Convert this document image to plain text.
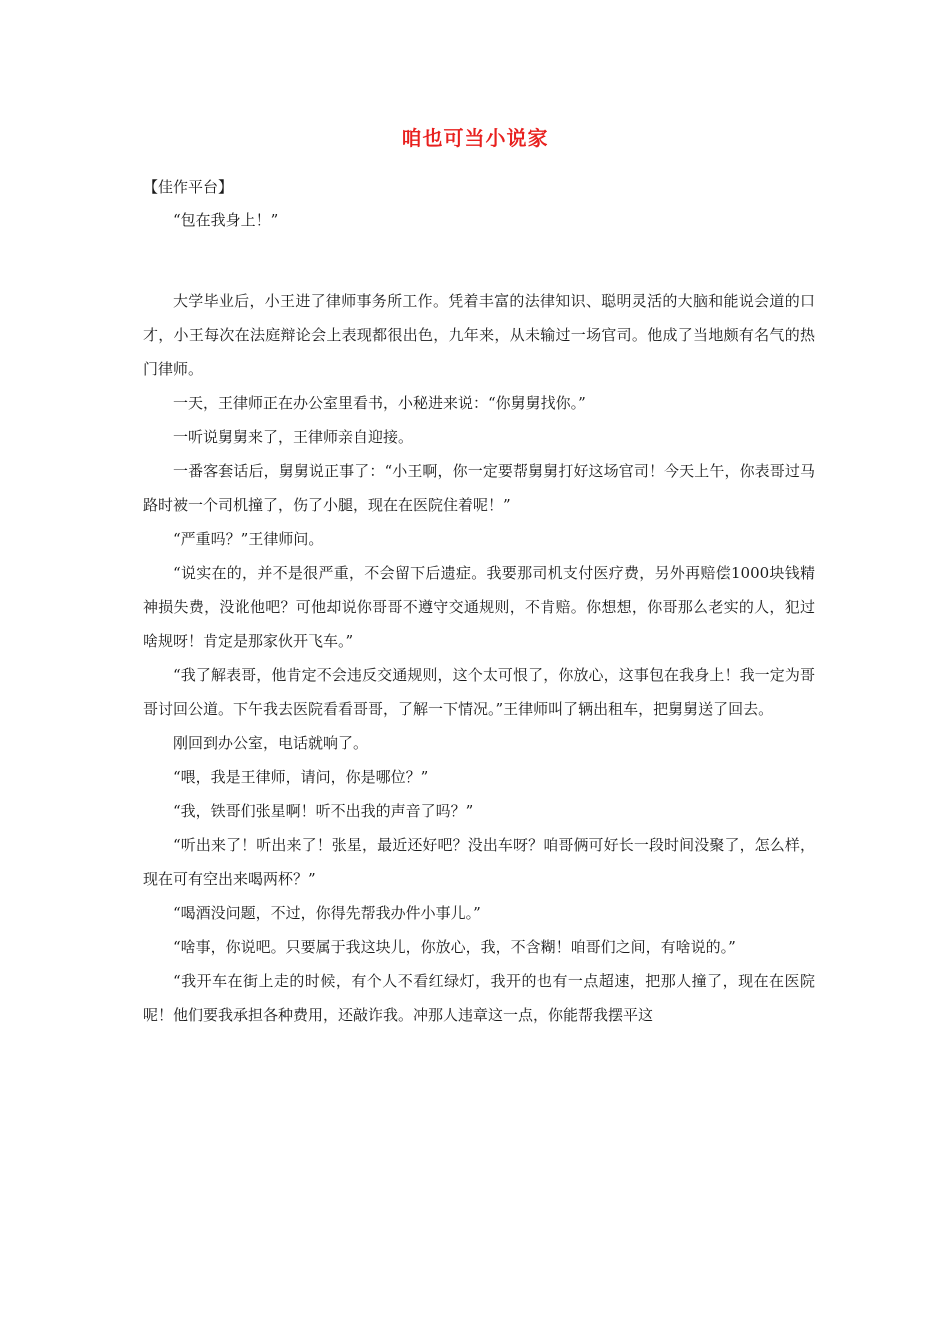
咱也可当小说家
【佳作平台】

“包在我身上！”

大学毕业后，小王进了律师事务所工作。凭着丰富的法律知识、聪明灵活的大脑和能说会道的口才，小王每次在法庭辩论会上表现都很出色，九年来，从未输过一场官司。他成了当地颇有名气的热门律师。

一天，王律师正在办公室里看书，小秘进来说：“你舅舅找你。”

一听说舅舅来了，王律师亲自迎接。

一番客套话后，舅舅说正事了：“小王啊，你一定要帮舅舅打好这场官司！今天上午，你表哥过马路时被一个司机撞了，伤了小腿，现在在医院住着呢！”

“严重吗？”王律师问。

“说实在的，并不是很严重，不会留下后遗症。我要那司机支付医疗费，另外再赔偿1000块钱精神损失费，没讹他吧？可他却说你哥哥不遵守交通规则，不肯赔。你想想，你哥那么老实的人，犯过啥规呀！肯定是那家伙开飞车。”

“我了解表哥，他肯定不会违反交通规则，这个太可恨了，你放心，这事包在我身上！我一定为哥哥讨回公道。下午我去医院看看哥哥，了解一下情况。”王律师叫了辆出租车，把舅舅送了回去。

刚回到办公室，电话就响了。

“喂，我是王律师，请问，你是哪位？”

“我，铁哥们张星啊！听不出我的声音了吗？”

“听出来了！听出来了！张星，最近还好吧？没出车呀？咱哥俩可好长一段时间没聚了，怎么样，现在可有空出来喝两杯？”

“喝酒没问题，不过，你得先帮我办件小事儿。”

“啥事，你说吧。只要属于我这块儿，你放心，我，不含糊！咱哥们之间，有啥说的。”

“我开车在街上走的时候，有个人不看红绿灯，我开的也有一点超速，把那人撞了，现在在医院呢！他们要我承担各种费用，还敲诈我。冲那人违章这一点，你能帮我摆平这
